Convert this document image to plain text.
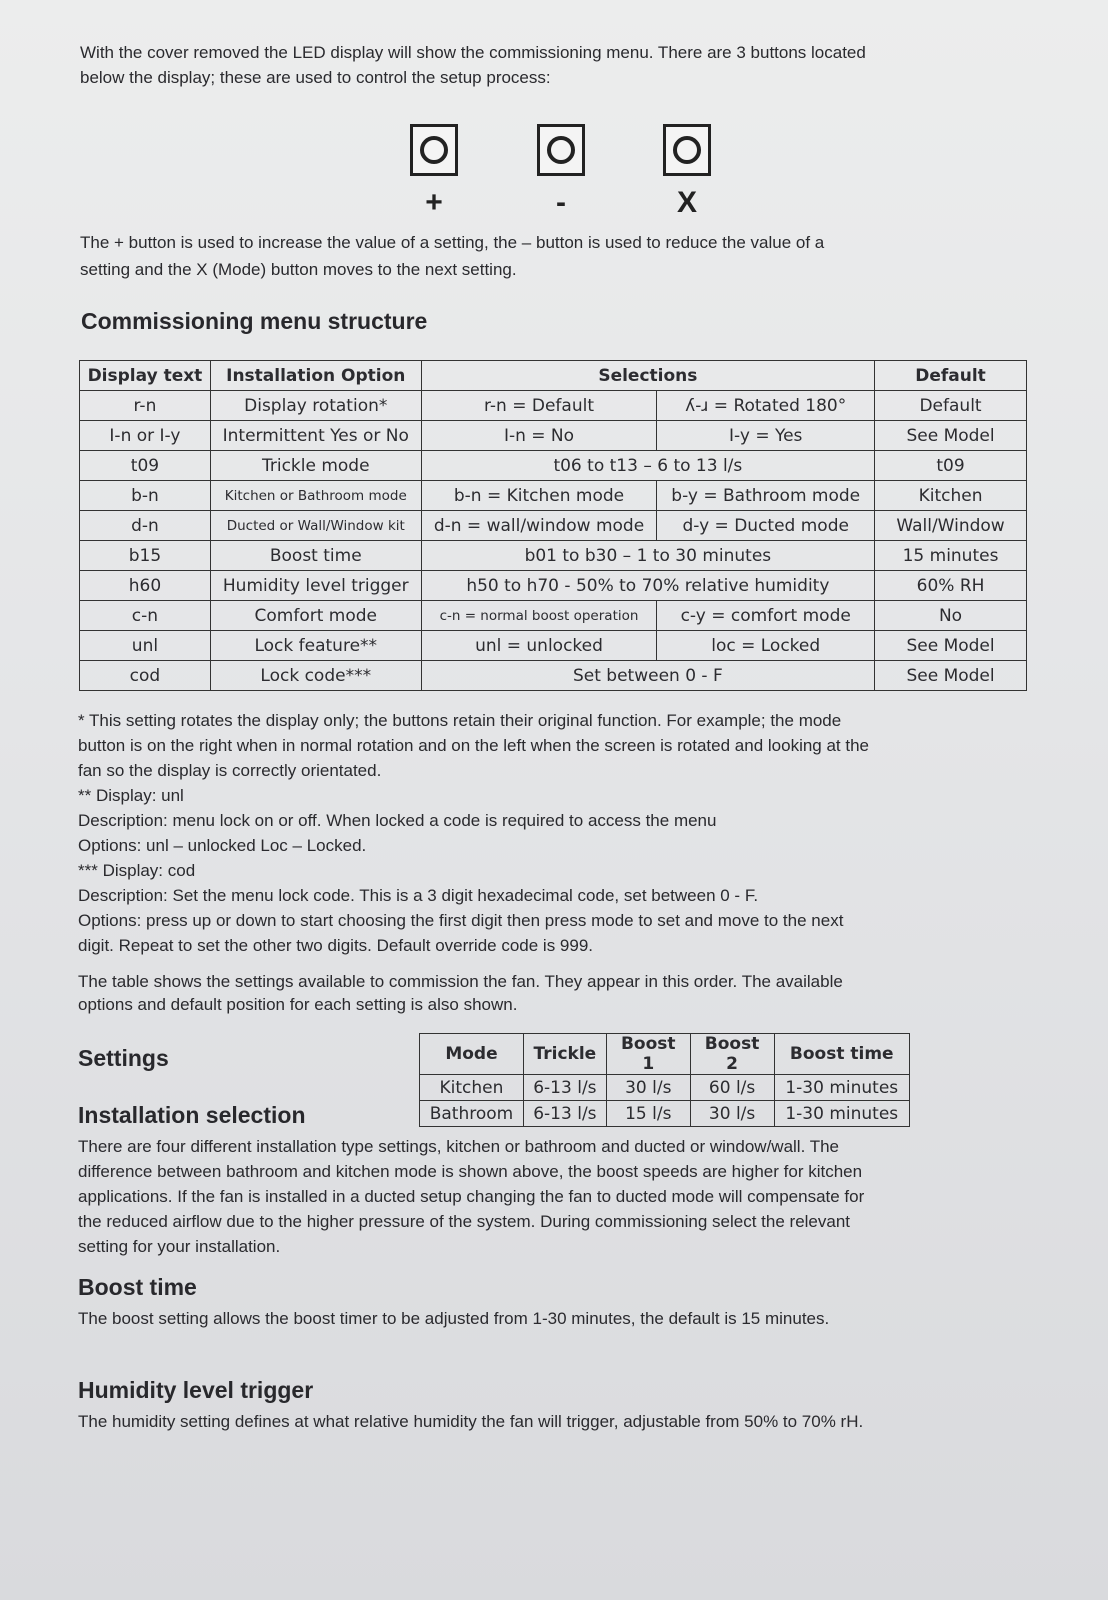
With the cover removed the LED display will show the commissioning menu. There are 3 buttons located
below the display; these are used to control the setup process:
+	-	X
The + button is used to increase the value of a setting, the – button is used to reduce the value of a
setting and the X (Mode) button moves to the next setting.
Commissioning menu structure
Display text	Installation Option	Selections		Default
r-n	Display rotation*	r-n = Default	ʎ-ɹ = Rotated 180°	Default
I-n or I-y	Intermittent Yes or No	I-n = No	I-y = Yes	See Model
t09	Trickle mode	t06 to t13 – 6 to 13 l/s		t09
b-n	Kitchen or Bathroom mode	b-n = Kitchen mode	b-y = Bathroom mode	Kitchen
d-n	Ducted or Wall/Window kit	d-n = wall/window mode	d-y = Ducted mode	Wall/Window
b15	Boost time	b01 to b30 – 1 to 30 minutes		15 minutes
h60	Humidity level trigger	h50 to h70 - 50% to 70% relative humidity		60% RH
c-n	Comfort mode	c-n = normal boost operation	c-y = comfort mode	No
unl	Lock feature**	unl = unlocked	loc = Locked	See Model
cod	Lock code***	Set between 0 - F		See Model
* This setting rotates the display only; the buttons retain their original function. For example; the mode
button is on the right when in normal rotation and on the left when the screen is rotated and looking at the
fan so the display is correctly orientated.
** Display: unl
Description: menu lock on or off. When locked a code is required to access the menu
Options: unl – unlocked Loc – Locked.
*** Display: cod
Description: Set the menu lock code. This is a 3 digit hexadecimal code, set between 0 - F.
Options: press up or down to start choosing the first digit then press mode to set and move to the next
digit. Repeat to set the other two digits. Default override code is 999.
The table shows the settings available to commission the fan. They appear in this order. The available
options and default position for each setting is also shown.
Settings	Mode	Trickle	Boost 1	Boost 2	Boost time
Kitchen	6-13 l/s	30 l/s	60 l/s	1-30 minutes
Bathroom	6-13 l/s	15 l/s	30 l/s	1-30 minutes
Installation selection
There are four different installation type settings, kitchen or bathroom and ducted or window/wall. The
difference between bathroom and kitchen mode is shown above, the boost speeds are higher for kitchen
applications. If the fan is installed in a ducted setup changing the fan to ducted mode will compensate for
the reduced airflow due to the higher pressure of the system. During commissioning select the relevant
setting for your installation.
Boost time
The boost setting allows the boost timer to be adjusted from 1-30 minutes, the default is 15 minutes.
Humidity level trigger
The humidity setting defines at what relative humidity the fan will trigger, adjustable from 50% to 70% rH.
